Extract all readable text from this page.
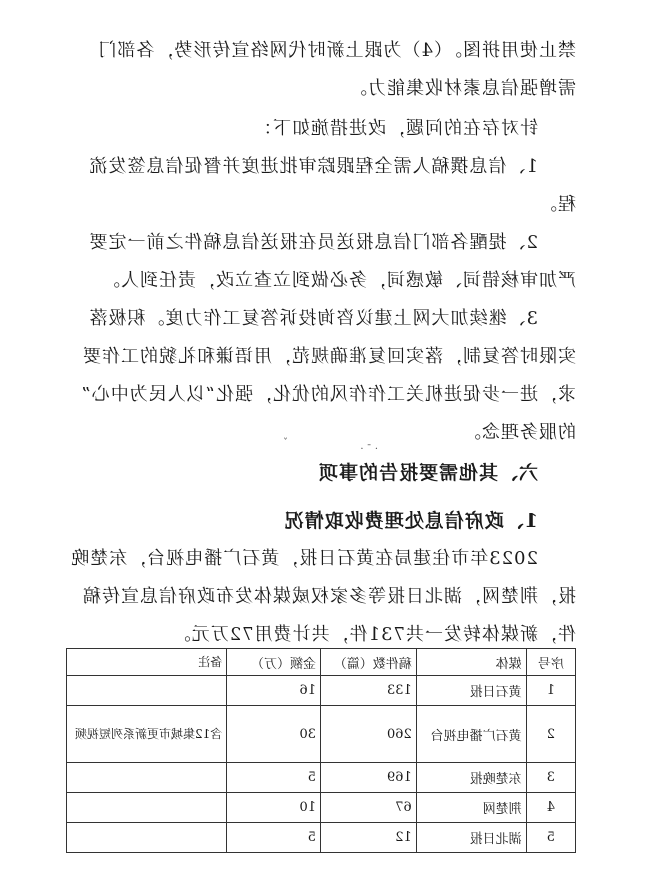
禁止使用拼图。（4）为跟上新时代网络宣传形势，各部门
需增强信息素材收集能力。
针对存在的问题，改进措施如下：
1、信息撰稿人需全程跟踪审批进度并督促信息签发流
程。
2、提醒各部门信息报送员在报送信息稿件之前一定要
严加审核错词、敏感词，务必做到立查立改，责任到人。
3、继续加大网上建议咨询投诉答复工作力度。积极落
实限时答复制，落实回复准确规范，用语谦和礼貌的工作要
求，进一步促进机关工作作风的优化，强化“以人民为中心”
的服务理念。
ˇ
· ˉ ·
六、其他需要报告的事项
1、政府信息处理费收取情况
2023年市住建局在黄石日报，黄石广播电视台，东楚晚
报，荆楚网，湖北日报等多家权威媒体发布政府信息宣传稿
件，新媒体转发一共731件，共计费用72万元。
序号	媒体	稿件数（篇）	金额（万）	备注
1	黄石日报	133	16	
2	黄石广播电视台	260	30	含12集城市更新系列短视频
3	东楚晚报	169	5	
4	荆楚网	67	10	
5	湖北日报	12	5	
